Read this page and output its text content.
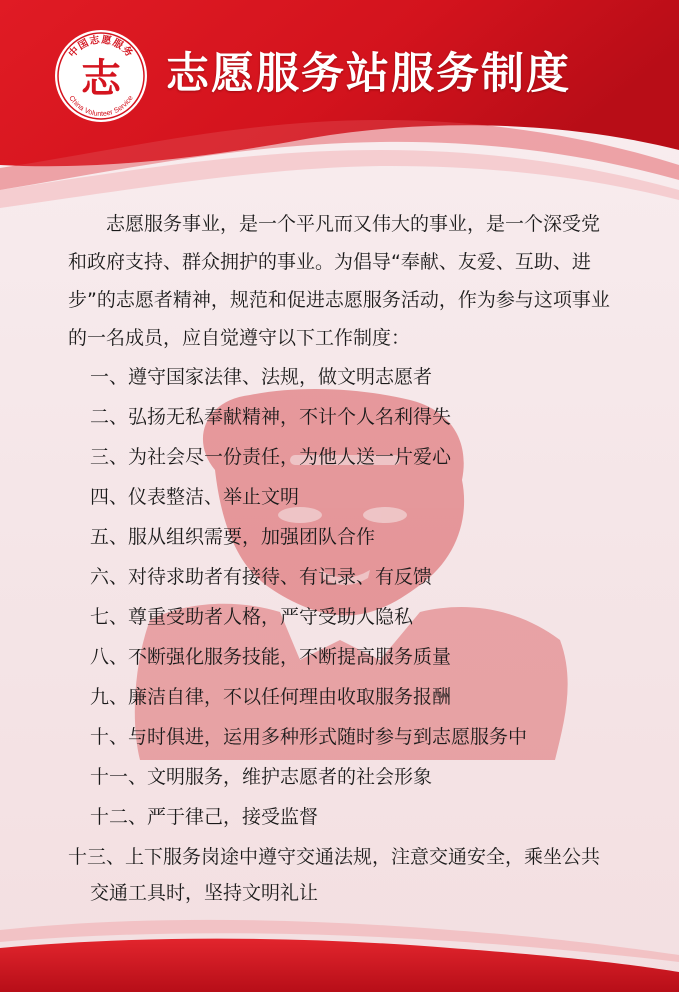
中国志愿服务
China Volunteer Service
志 志愿服务站服务制度

志愿服务事业，是一个平凡而又伟大的事业，是一个深受党和政府支持、群众拥护的事业。为倡导“奉献、友爱、互助、进步”的志愿者精神，规范和促进志愿服务活动，作为参与这项事业的一名成员，应自觉遵守以下工作制度：

一、遵守国家法律、法规，做文明志愿者
二、弘扬无私奉献精神，不计个人名利得失
三、为社会尽一份责任，为他人送一片爱心
四、仪表整洁、举止文明
五、服从组织需要，加强团队合作
六、对待求助者有接待、有记录、有反馈
七、尊重受助者人格，严守受助人隐私
八、不断强化服务技能，不断提高服务质量
九、廉洁自律，不以任何理由收取服务报酬
十、与时俱进，运用多种形式随时参与到志愿服务中
十一、文明服务，维护志愿者的社会形象
十二、严于律己，接受监督
十三、上下服务岗途中遵守交通法规，注意交通安全，乘坐公共交通工具时，坚持文明礼让
